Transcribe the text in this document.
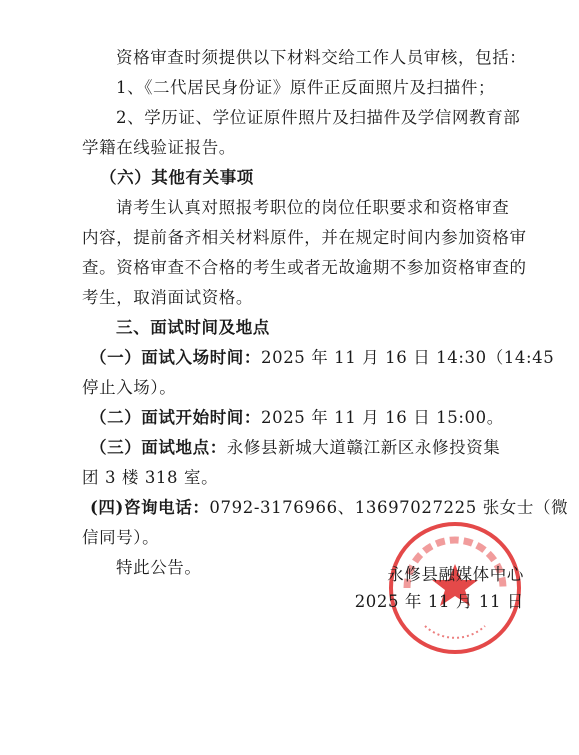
资格审查时须提供以下材料交给工作人员审核，包括：
1、《二代居民身份证》原件正反面照片及扫描件；
2、学历证、学位证原件照片及扫描件及学信网教育部
学籍在线验证报告。
（六）其他有关事项
请考生认真对照报考职位的岗位任职要求和资格审查
内容，提前备齐相关材料原件，并在规定时间内参加资格审
查。资格审查不合格的考生或者无故逾期不参加资格审查的
考生，取消面试资格。
三、面试时间及地点
（一）面试入场时间：2025 年 11 月 16 日 14:30（14:45
停止入场）。
（二）面试开始时间：2025 年 11 月 16 日 15:00。
（三）面试地点：永修县新城大道赣江新区永修投资集
团 3 楼 318 室。
(四)咨询电话：0792-3176966、13697027225 张女士（微
信同号）。
特此公告。	永修县融媒体中心
2025 年 11 月 11 日
